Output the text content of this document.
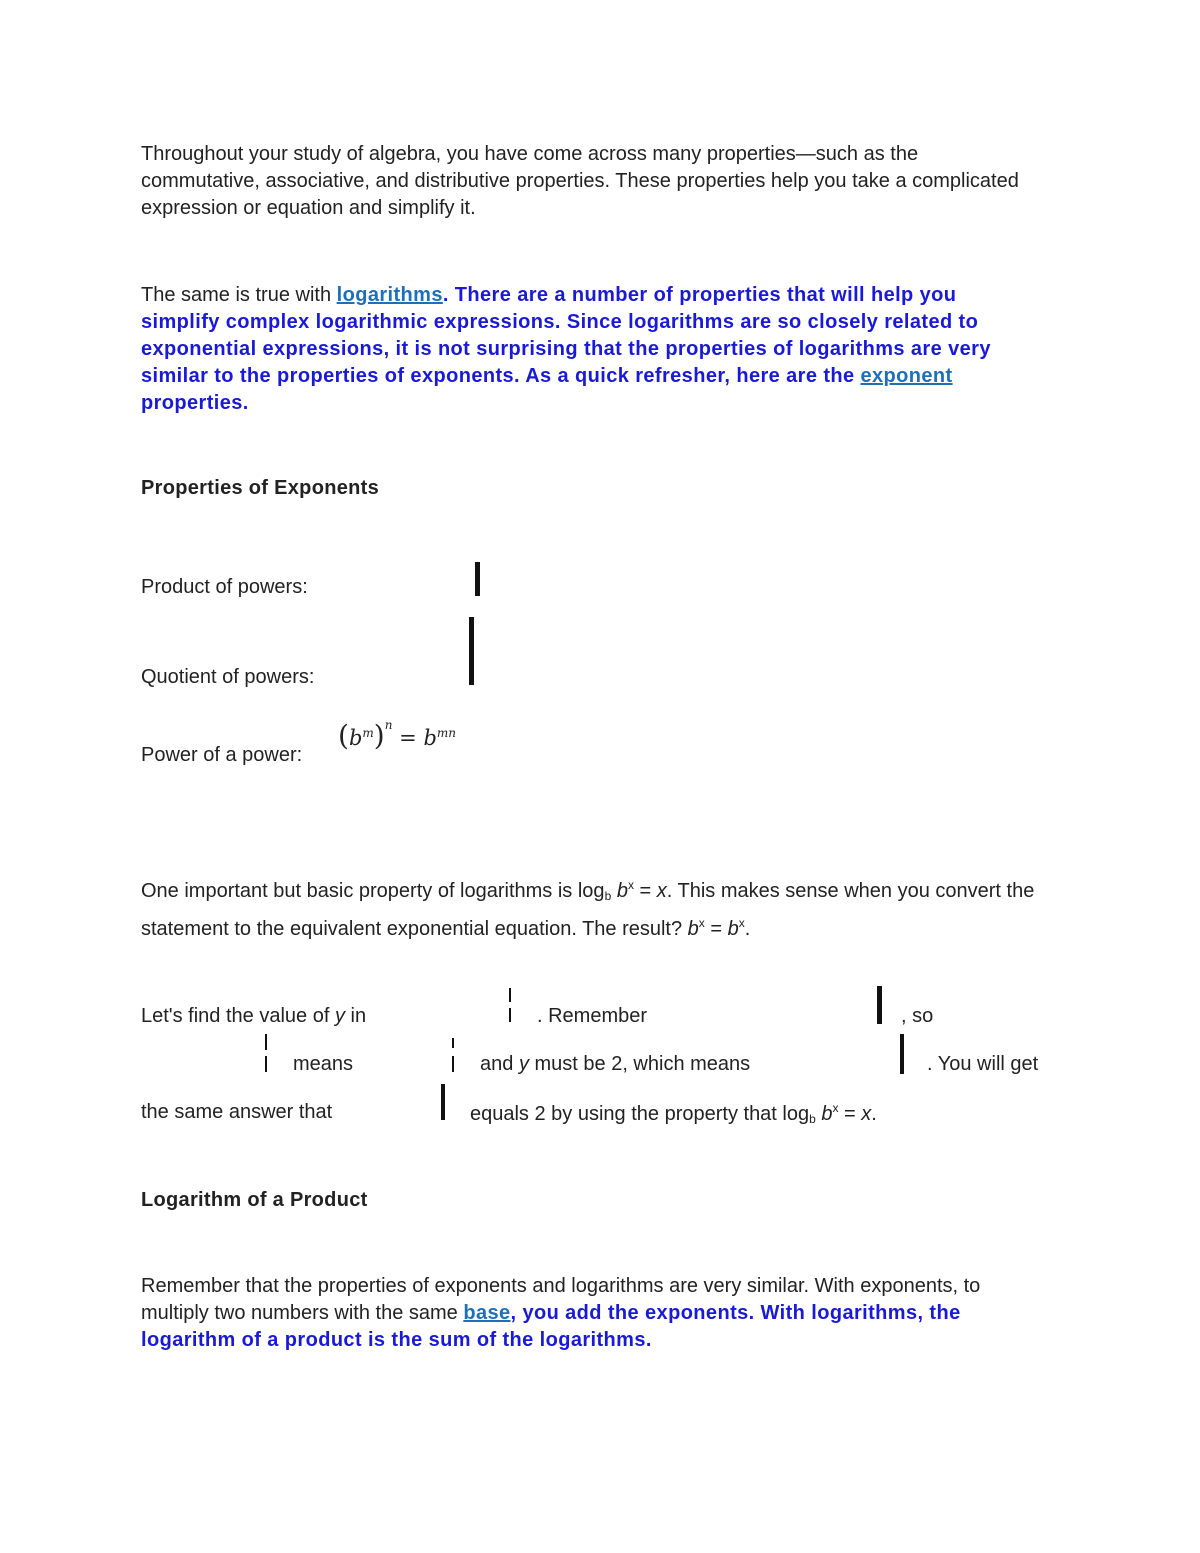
Throughout your study of algebra, you have come across many properties—such as the commutative, associative, and distributive properties. These properties help you take a complicated expression or equation and simplify it.
The same is true with logarithms. There are a number of properties that will help you simplify complex logarithmic expressions. Since logarithms are so closely related to exponential expressions, it is not surprising that the properties of logarithms are very similar to the properties of exponents. As a quick refresher, here are the exponent properties.
Properties of Exponents
Product of powers:
Quotient of powers:
Power of a power:
$(b^m)^n = b^{mn}$
One important but basic property of logarithms is $\log_b b^x = x$. This makes sense when you convert the statement to the equivalent exponential equation. The result? $b^x = b^x$.
Let's find the value of y in	. Remember	, so
means	and y must be 2, which means	. You will get
the same answer that	equals 2 by using the property that $\log_b b^x = x$.
Logarithm of a Product
Remember that the properties of exponents and logarithms are very similar. With exponents, to multiply two numbers with the same base, you add the exponents. With logarithms, the logarithm of a product is the sum of the logarithms.
